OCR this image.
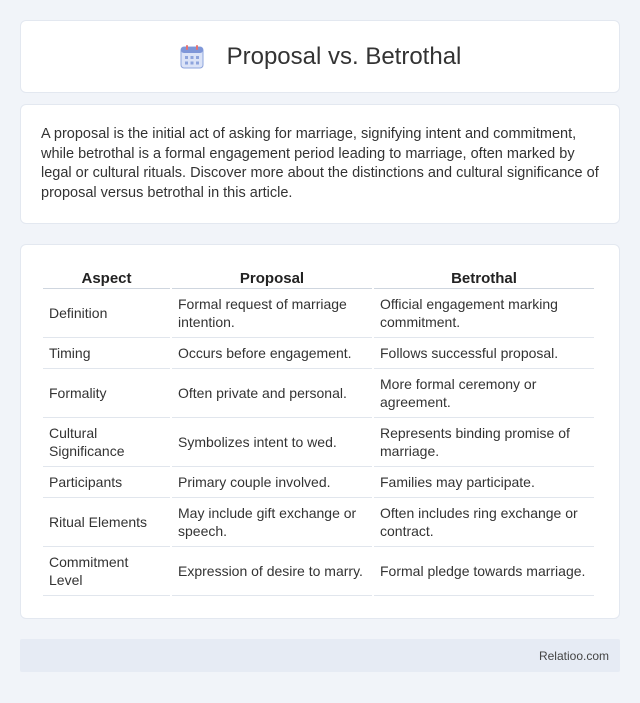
Proposal vs. Betrothal

A proposal is the initial act of asking for marriage, signifying intent and commitment, while betrothal is a formal engagement period leading to marriage, often marked by legal or cultural rituals. Discover more about the distinctions and cultural significance of proposal versus betrothal in this article.

Aspect	Proposal	Betrothal
Definition	Formal request of marriage intention.	Official engagement marking commitment.
Timing	Occurs before engagement.	Follows successful proposal.
Formality	Often private and personal.	More formal ceremony or agreement.
Cultural Significance	Symbolizes intent to wed.	Represents binding promise of marriage.
Participants	Primary couple involved.	Families may participate.
Ritual Elements	May include gift exchange or speech.	Often includes ring exchange or contract.
Commitment Level	Expression of desire to marry.	Formal pledge towards marriage.
Relatioo.com
